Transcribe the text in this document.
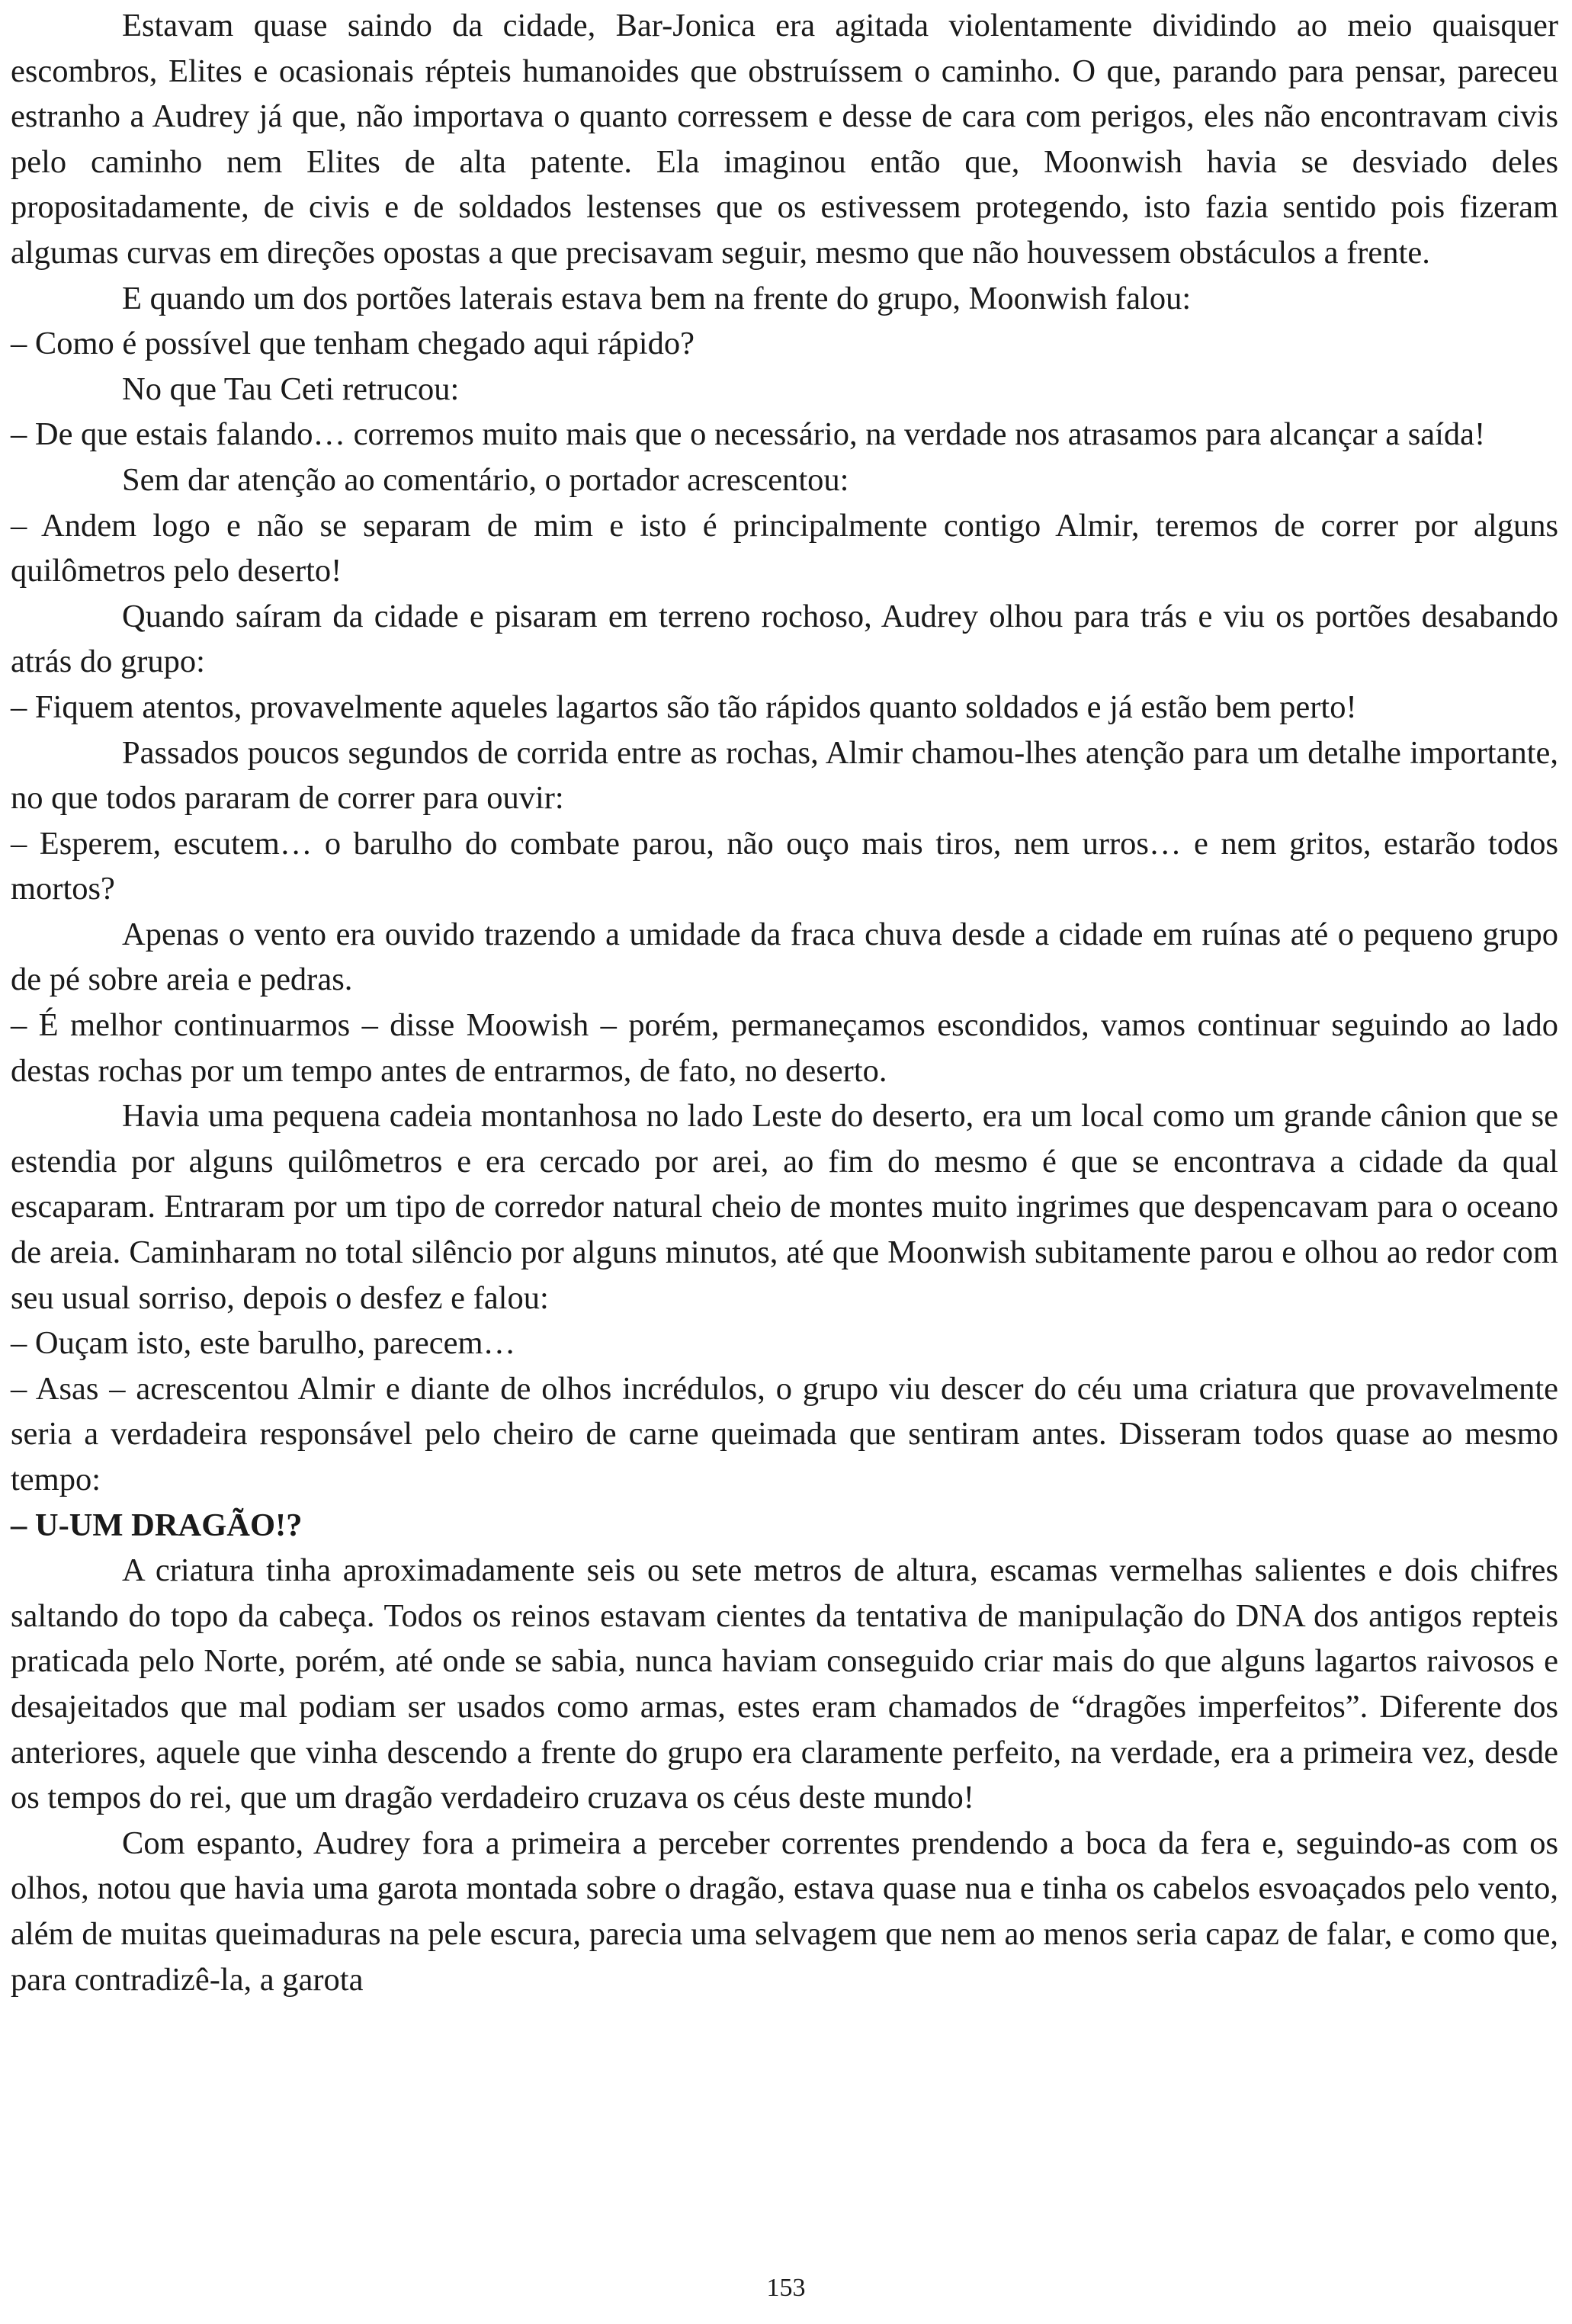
Estavam quase saindo da cidade, Bar-Jonica era agitada violentamente dividindo ao meio quaisquer escombros, Elites e ocasionais répteis humanoides que obstruíssem o caminho. O que, parando para pensar, pareceu estranho a Audrey já que, não importava o quanto corressem e desse de cara com perigos, eles não encontravam civis pelo caminho nem Elites de alta patente. Ela imaginou então que, Moonwish havia se desviado deles propositadamente, de civis e de soldados lestenses que os estivessem protegendo, isto fazia sentido pois fizeram algumas curvas em direções opostas a que precisavam seguir, mesmo que não houvessem obstáculos a frente.

E quando um dos portões laterais estava bem na frente do grupo, Moonwish falou:

– Como é possível que tenham chegado aqui rápido?

No que Tau Ceti retrucou:

– De que estais falando… corremos muito mais que o necessário, na verdade nos atrasamos para alcançar a saída!

Sem dar atenção ao comentário, o portador acrescentou:

– Andem logo e não se separam de mim e isto é principalmente contigo Almir, teremos de correr por alguns quilômetros pelo deserto!

Quando saíram da cidade e pisaram em terreno rochoso, Audrey olhou para trás e viu os portões desabando atrás do grupo:

– Fiquem atentos, provavelmente aqueles lagartos são tão rápidos quanto soldados e já estão bem perto!

Passados poucos segundos de corrida entre as rochas, Almir chamou-lhes atenção para um detalhe importante, no que todos pararam de correr para ouvir:

– Esperem, escutem… o barulho do combate parou, não ouço mais tiros, nem urros… e nem gritos, estarão todos mortos?

Apenas o vento era ouvido trazendo a umidade da fraca chuva desde a cidade em ruínas até o pequeno grupo de pé sobre areia e pedras.

– É melhor continuarmos – disse Moowish – porém, permaneçamos escondidos, vamos continuar seguindo ao lado destas rochas por um tempo antes de entrarmos, de fato, no deserto.

Havia uma pequena cadeia montanhosa no lado Leste do deserto, era um local como um grande cânion que se estendia por alguns quilômetros e era cercado por arei, ao fim do mesmo é que se encontrava a cidade da qual escaparam. Entraram por um tipo de corredor natural cheio de montes muito ingrimes que despencavam para o oceano de areia. Caminharam no total silêncio por alguns minutos, até que Moonwish subitamente parou e olhou ao redor com seu usual sorriso, depois o desfez e falou:

– Ouçam isto, este barulho, parecem…

– Asas – acrescentou Almir e diante de olhos incrédulos, o grupo viu descer do céu uma criatura que provavelmente seria a verdadeira responsável pelo cheiro de carne queimada que sentiram antes. Disseram todos quase ao mesmo tempo:

– U-UM DRAGÃO!?

A criatura tinha aproximadamente seis ou sete metros de altura, escamas vermelhas salientes e dois chifres saltando do topo da cabeça. Todos os reinos estavam cientes da tentativa de manipulação do DNA dos antigos repteis praticada pelo Norte, porém, até onde se sabia, nunca haviam conseguido criar mais do que alguns lagartos raivosos e desajeitados que mal podiam ser usados como armas, estes eram chamados de “dragões imperfeitos”. Diferente dos anteriores, aquele que vinha descendo a frente do grupo era claramente perfeito, na verdade, era a primeira vez, desde os tempos do rei, que um dragão verdadeiro cruzava os céus deste mundo!

Com espanto, Audrey fora a primeira a perceber correntes prendendo a boca da fera e, seguindo-as com os olhos, notou que havia uma garota montada sobre o dragão, estava quase nua e tinha os cabelos esvoaçados pelo vento, além de muitas queimaduras na pele escura, parecia uma selvagem que nem ao menos seria capaz de falar, e como que, para contradizê-la, a garota

153
